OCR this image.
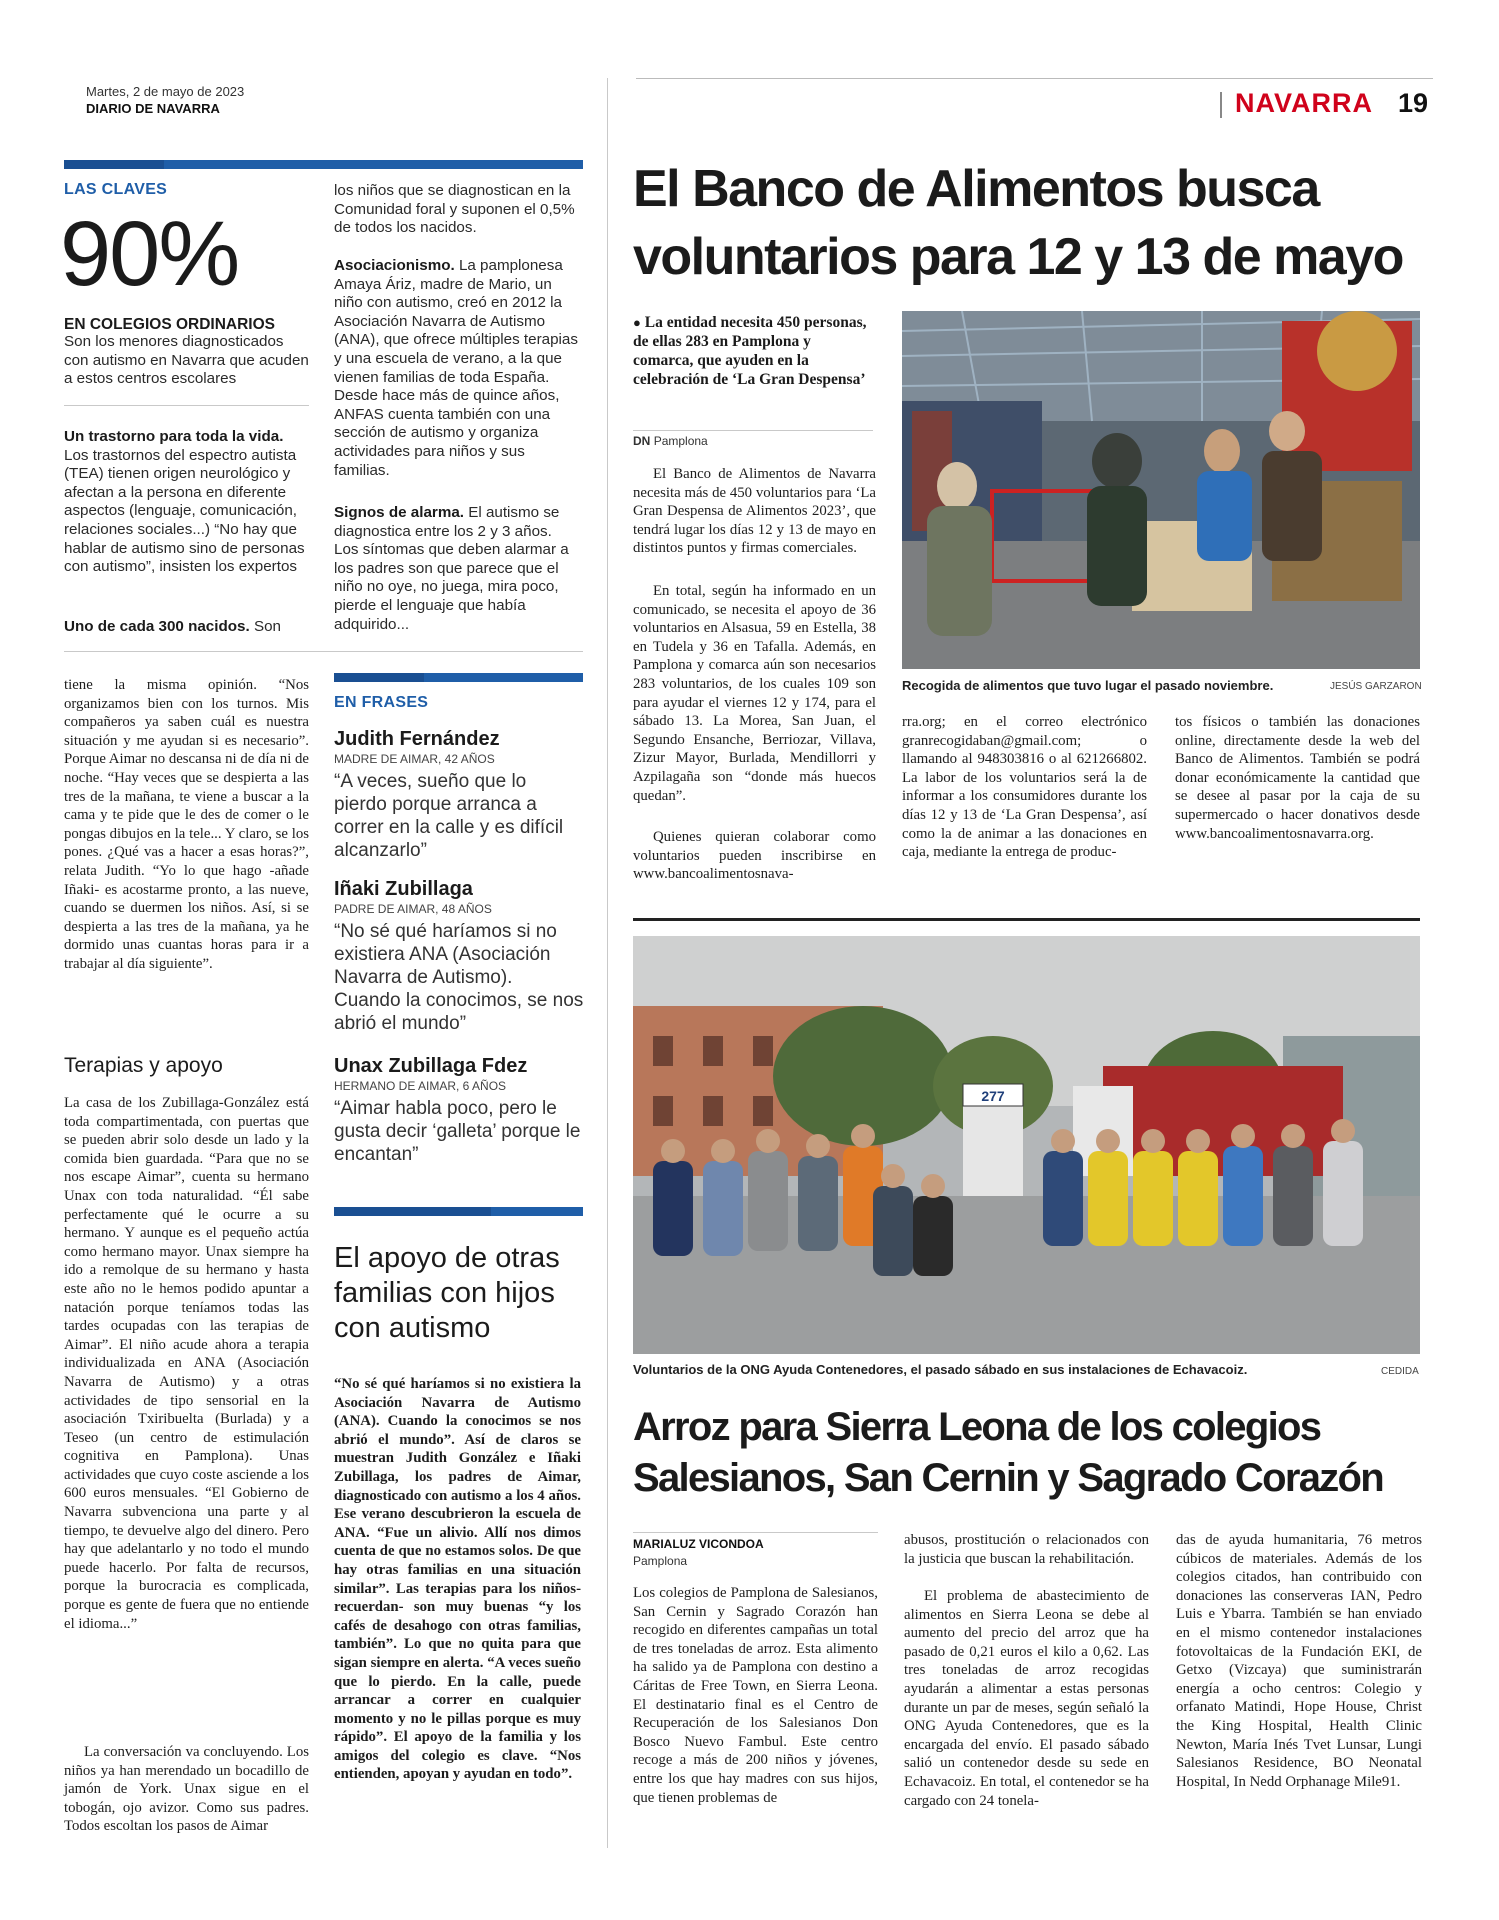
Martes, 2 de mayo de 2023
DIARIO DE NAVARRA	NAVARRA 19
LAS CLAVES
90%
EN COLEGIOS ORDINARIOS
Son los menores diagnosticados con autismo en Navarra que acuden a estos centros escolares
Un trastorno para toda la vida. Los trastornos del espectro autista (TEA) tienen origen neurológico y afectan a la persona en diferente aspectos (lenguaje, comunicación, relaciones sociales...) “No hay que hablar de autismo sino de personas con autismo”, insisten los expertos
Uno de cada 300 nacidos. Son
los niños que se diagnostican en la Comunidad foral y suponen el 0,5% de todos los nacidos.
Asociacionismo. La pamplonesa Amaya Áriz, madre de Mario, un niño con autismo, creó en 2012 la Asociación Navarra de Autismo (ANA), que ofrece múltiples terapias y una escuela de verano, a la que vienen familias de toda España. Desde hace más de quince años, ANFAS cuenta también con una sección de autismo y organiza actividades para niños y sus familias.
Signos de alarma. El autismo se diagnostica entre los 2 y 3 años. Los síntomas que deben alarmar a los padres son que parece que el niño no oye, no juega, mira poco, pierde el lenguaje que había adquirido...
tiene la misma opinión. “Nos organizamos bien con los turnos. Mis compañeros ya saben cuál es nuestra situación y me ayudan si es necesario”. Porque Aimar no descansa ni de día ni de noche. “Hay veces que se despierta a las tres de la mañana, te viene a buscar a la cama y te pide que le des de comer o le pongas dibujos en la tele... Y claro, se los pones. ¿Qué vas a hacer a esas horas?”, relata Judith. “Yo lo que hago -añade Iñaki- es acostarme pronto, a las nueve, cuando se duermen los niños. Así, si se despierta a las tres de la mañana, ya he dormido unas cuantas horas para ir a trabajar al día siguiente”.
Terapias y apoyo
La casa de los Zubillaga-González está toda compartimentada, con puertas que se pueden abrir solo desde un lado y la comida bien guardada. “Para que no se nos escape Aimar”, cuenta su hermano Unax con toda naturalidad. “Él sabe perfectamente qué le ocurre a su hermano. Y aunque es el pequeño actúa como hermano mayor. Unax siempre ha ido a remolque de su hermano y hasta este año no le hemos podido apuntar a natación porque teníamos todas las tardes ocupadas con las terapias de Aimar”. El niño acude ahora a terapia individualizada en ANA (Asociación Navarra de Autismo) y a otras actividades de tipo sensorial en la asociación Txiribuelta (Burlada) y a Teseo (un centro de estimulación cognitiva en Pamplona). Unas actividades que cuyo coste asciende a los 600 euros mensuales. “El Gobierno de Navarra subvenciona una parte y al tiempo, te devuelve algo del dinero. Pero hay que adelantarlo y no todo el mundo puede hacerlo. Por falta de recursos, porque la burocracia es complicada, porque es gente de fuera que no entiende el idioma...”
La conversación va concluyendo. Los niños ya han merendado un bocadillo de jamón de York. Unax sigue en el tobogán, ojo avizor. Como sus padres. Todos escoltan los pasos de Aimar
EN FRASES
Judith Fernández
MADRE DE AIMAR, 42 AÑOS
“A veces, sueño que lo pierdo porque arranca a correr en la calle y es difícil alcanzarlo”
Iñaki Zubillaga
PADRE DE AIMAR, 48 AÑOS
“No sé qué haríamos si no existiera ANA (Asociación Navarra de Autismo). Cuando la conocimos, se nos abrió el mundo”
Unax Zubillaga Fdez
HERMANO DE AIMAR, 6 AÑOS
“Aimar habla poco, pero le gusta decir ‘galleta’ porque le encantan”
El apoyo de otras familias con hijos con autismo
“No sé qué haríamos si no existiera la Asociación Navarra de Autismo (ANA). Cuando la conocimos se nos abrió el mundo”. Así de claros se muestran Judith González e Iñaki Zubillaga, los padres de Aimar, diagnosticado con autismo a los 4 años. Ese verano descubrieron la escuela de ANA. “Fue un alivio. Allí nos dimos cuenta de que no estamos solos. De que hay otras familias en una situación similar”. Las terapias para los niños- recuerdan- son muy buenas “y los cafés de desahogo con otras familias, también”. Lo que no quita para que sigan siempre en alerta. “A veces sueño que lo pierdo. En la calle, puede arrancar a correr en cualquier momento y no le pillas porque es muy rápido”. El apoyo de la familia y los amigos del colegio es clave. “Nos entienden, apoyan y ayudan en todo”.
El Banco de Alimentos busca voluntarios para 12 y 13 de mayo
● La entidad necesita 450 personas, de ellas 283 en Pamplona y comarca, que ayuden en la celebración de ‘La Gran Despensa’
DN Pamplona
El Banco de Alimentos de Navarra necesita más de 450 voluntarios para ‘La Gran Despensa de Alimentos 2023’, que tendrá lugar los días 12 y 13 de mayo en distintos puntos y firmas comerciales.
En total, según ha informado en un comunicado, se necesita el apoyo de 36 voluntarios en Alsasua, 59 en Estella, 38 en Tudela y 36 en Tafalla. Además, en Pamplona y comarca aún son necesarios 283 voluntarios, de los cuales 109 son para ayudar el viernes 12 y 174, para el sábado 13. La Morea, San Juan, el Segundo Ensanche, Berriozar, Villava, Zizur Mayor, Burlada, Mendillorri y Azpilagaña son “donde más huecos quedan”.
Quienes quieran colaborar como voluntarios pueden inscribirse en www.bancoalimentosnava-
rra.org; en el correo electrónico granrecogidaban@gmail.com; o llamando al 948303816 o al 621266802. La labor de los voluntarios será la de informar a los consumidores durante los días 12 y 13 de ‘La Gran Despensa’, así como la de animar a las donaciones en caja, mediante la entrega de produc-
tos físicos o también las donaciones online, directamente desde la web del Banco de Alimentos. También se podrá donar económicamente la cantidad que se desee al pasar por la caja de su supermercado o hacer donativos desde www.bancoalimentosnavarra.org.
Recogida de alimentos que tuvo lugar el pasado noviembre.	JESÚS GARZARON
277
Voluntarios de la ONG Ayuda Contenedores, el pasado sábado en sus instalaciones de Echavacoiz.	CEDIDA
Arroz para Sierra Leona de los colegios Salesianos, San Cernin y Sagrado Corazón
MARIALUZ VICONDOA
Pamplona
Los colegios de Pamplona de Salesianos, San Cernin y Sagrado Corazón han recogido en diferentes campañas un total de tres toneladas de arroz. Esta alimento ha salido ya de Pamplona con destino a Cáritas de Free Town, en Sierra Leona. El destinatario final es el Centro de Recuperación de los Salesianos Don Bosco Nuevo Fambul. Este centro recoge a más de 200 niños y jóvenes, entre los que hay madres con sus hijos, que tienen problemas de
abusos, prostitución o relacionados con la justicia que buscan la rehabilitación.
El problema de abastecimiento de alimentos en Sierra Leona se debe al aumento del precio del arroz que ha pasado de 0,21 euros el kilo a 0,62. Las tres toneladas de arroz recogidas ayudarán a alimentar a estas personas durante un par de meses, según señaló la ONG Ayuda Contenedores, que es la encargada del envío. El pasado sábado salió un contenedor desde su sede en Echavacoiz. En total, el contenedor se ha cargado con 24 tonela-
das de ayuda humanitaria, 76 metros cúbicos de materiales. Además de los colegios citados, han contribuido con donaciones las conserveras IAN, Pedro Luis e Ybarra. También se han enviado en el mismo contenedor instalaciones fotovoltaicas de la Fundación EKI, de Getxo (Vizcaya) que suministrarán energía a ocho centros: Colegio y orfanato Matindi, Hope House, Christ the King Hospital, Health Clinic Newton, María Inés Tvet Lunsar, Lungi Salesianos Residence, BO Neonatal Hospital, In Nedd Orphanage Mile91.
